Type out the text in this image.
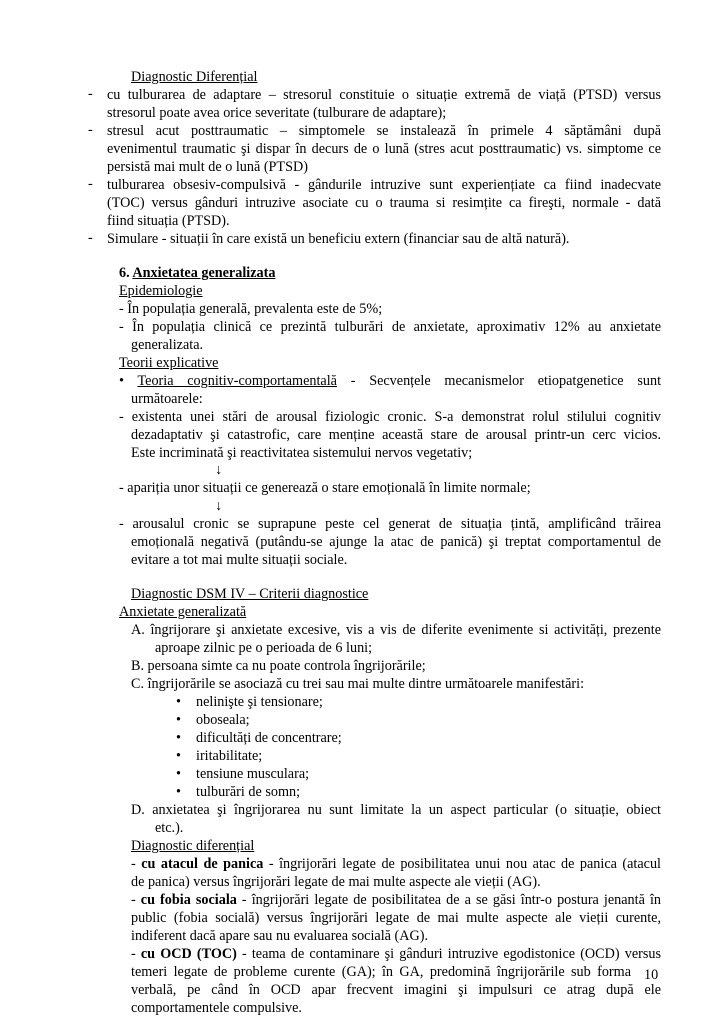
Diagnostic Diferențial
- cu tulburarea de adaptare – stresorul constituie o situație extremă de viață (PTSD) versus
stresorul poate avea orice severitate (tulburare de adaptare);
- stresul acut posttraumatic – simptomele se instalează în primele 4 săptămâni după
evenimentul traumatic şi dispar în decurs de o lună (stres acut posttraumatic) vs. simptome ce
persistă mai mult de o lună (PTSD)
- tulburarea obsesiv-compulsivă - gândurile intruzive sunt experiențiate ca fiind inadecvate
(TOC) versus gânduri intruzive asociate cu o trauma si resimțite ca fireşti, normale - dată
fiind situația (PTSD).
- Simulare - situații în care există un beneficiu extern (financiar sau de altă natură).
6. Anxietatea generalizata
Epidemiologie
- În populația generală, prevalenta este de 5%;
- În populația clinică ce prezintă tulburări de anxietate, aproximativ 12% au anxietate
generalizata.
Teorii explicative
• Teoria cognitiv-comportamentală - Secvențele mecanismelor etiopatgenetice sunt
următoarele:
- existenta unei stări de arousal fiziologic cronic. S-a demonstrat rolul stilului cognitiv
dezadaptativ şi catastrofic, care menține această stare de arousal printr-un cerc vicios.
Este incriminată şi reactivitatea sistemului nervos vegetativ;
↓
- apariția unor situații ce generează o stare emoțională în limite normale;
↓
- arousalul cronic se suprapune peste cel generat de situația țintă, amplificând trăirea
emoțională negativă (putându-se ajunge la atac de panică) şi treptat comportamentul de
evitare a tot mai multe situații sociale.
Diagnostic DSM IV – Criterii diagnostice
Anxietate generalizată
A. îngrijorare şi anxietate excesive, vis a vis de diferite evenimente si activități, prezente
aproape zilnic pe o perioada de 6 luni;
B. persoana simte ca nu poate controla îngrijorările;
C. îngrijorările se asociază cu trei sau mai multe dintre următoarele manifestări:
• nelinişte şi tensionare;
• oboseala;
• dificultăți de concentrare;
• iritabilitate;
• tensiune musculara;
• tulburări de somn;
D. anxietatea şi îngrijorarea nu sunt limitate la un aspect particular (o situație, obiect
etc.).
Diagnostic diferențial
- cu atacul de panica - îngrijorări legate de posibilitatea unui nou atac de panica (atacul
de panica) versus îngrijorări legate de mai multe aspecte ale vieții (AG).
- cu fobia sociala - îngrijorări legate de posibilitatea de a se găsi într-o postura jenantă în
public (fobia socială) versus îngrijorări legate de mai multe aspecte ale vieții curente,
indiferent dacă apare sau nu evaluarea socială (AG).
- cu OCD (TOC) - teama de contaminare şi gânduri intruzive egodistonice (OCD) versus
temeri legate de probleme curente (GA); în GA, predomină îngrijorările sub forma
verbală, pe când în OCD apar frecvent imagini şi impulsuri ce atrag după ele
comportamentele compulsive.
10
